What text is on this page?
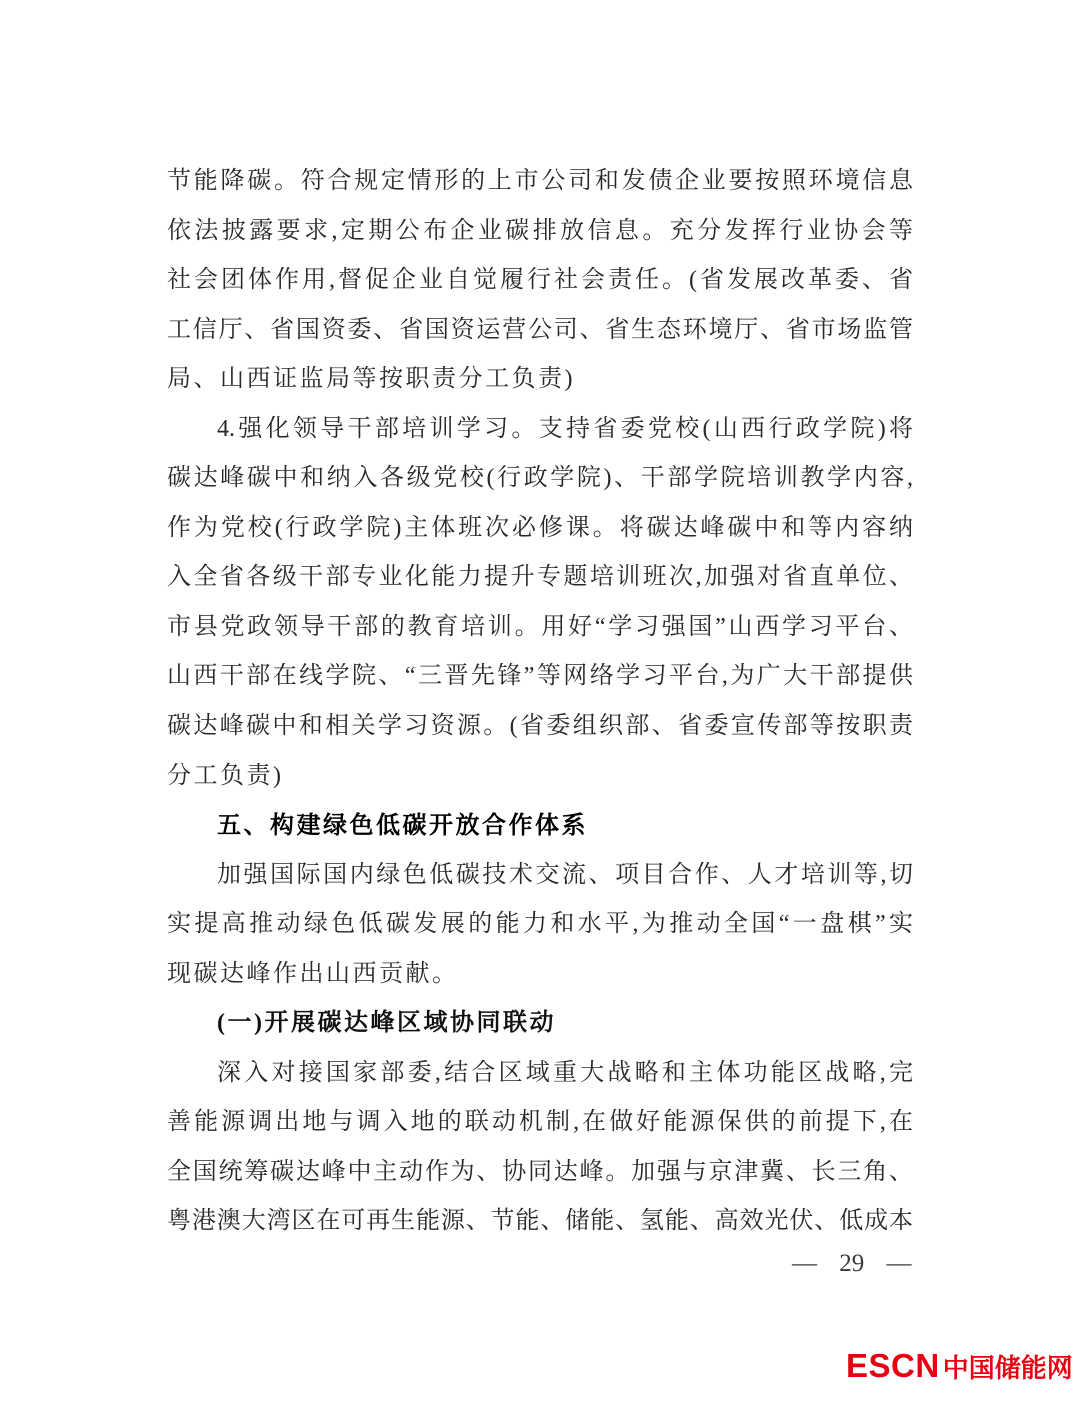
节能降碳。符合规定情形的上市公司和发债企业要按照环境信息

依法披露要求,定期公布企业碳排放信息。充分发挥行业协会等

社会团体作用,督促企业自觉履行社会责任。(省发展改革委、省

工信厅、省国资委、省国资运营公司、省生态环境厅、省市场监管

局、山西证监局等按职责分工负责)

4.强化领导干部培训学习。支持省委党校(山西行政学院)将

碳达峰碳中和纳入各级党校(行政学院)、干部学院培训教学内容,

作为党校(行政学院)主体班次必修课。将碳达峰碳中和等内容纳

入全省各级干部专业化能力提升专题培训班次,加强对省直单位、

市县党政领导干部的教育培训。用好“学习强国”山西学习平台、

山西干部在线学院、“三晋先锋”等网络学习平台,为广大干部提供

碳达峰碳中和相关学习资源。(省委组织部、省委宣传部等按职责

分工负责)

五、构建绿色低碳开放合作体系

加强国际国内绿色低碳技术交流、项目合作、人才培训等,切

实提高推动绿色低碳发展的能力和水平,为推动全国“一盘棋”实

现碳达峰作出山西贡献。

(一)开展碳达峰区域协同联动

深入对接国家部委,结合区域重大战略和主体功能区战略,完

善能源调出地与调入地的联动机制,在做好能源保供的前提下,在

全国统筹碳达峰中主动作为、协同达峰。加强与京津冀、长三角、

粤港澳大湾区在可再生能源、节能、储能、氢能、高效光伏、低成本

— 29 —
ESCN 中国储能网
